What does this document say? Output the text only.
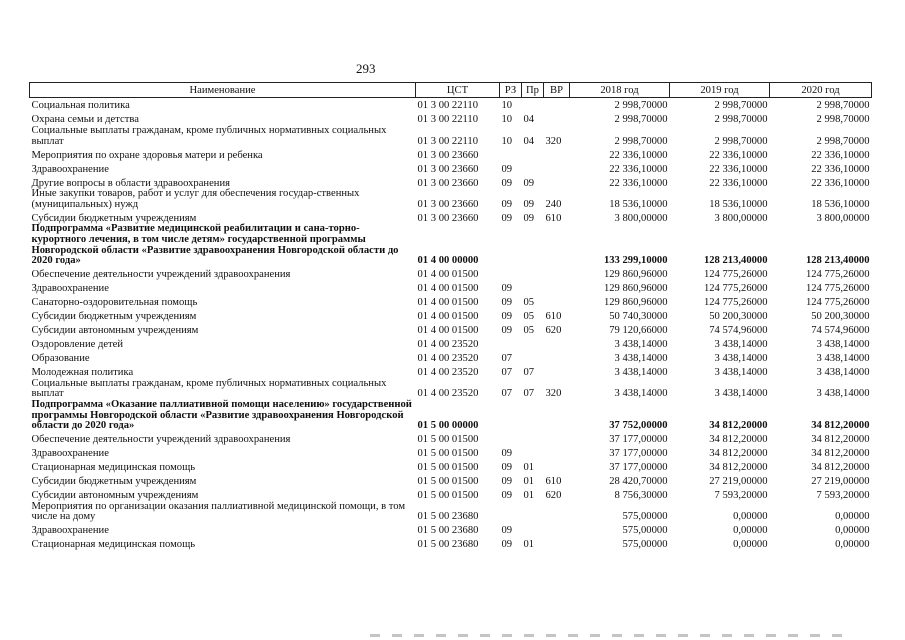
293
Наименование	ЦСТ	РЗ	Пр	ВР	2018 год	2019 год	2020 год
Социальная политика	01 3 00 22110	10			2 998,70000	2 998,70000	2 998,70000
Охрана семьи и детства	01 3 00 22110	10	04		2 998,70000	2 998,70000	2 998,70000
Социальные выплаты гражданам, кроме публичных нормативных социальных выплат	01 3 00 22110	10	04	320	2 998,70000	2 998,70000	2 998,70000
Мероприятия по охране здоровья матери и ребенка	01 3 00 23660				22 336,10000	22 336,10000	22 336,10000
Здравоохранение	01 3 00 23660	09			22 336,10000	22 336,10000	22 336,10000
Другие вопросы в области здравоохранения	01 3 00 23660	09	09		22 336,10000	22 336,10000	22 336,10000
Иные закупки товаров, работ и услуг для обеспечения государ-ственных (муниципальных) нужд	01 3 00 23660	09	09	240	18 536,10000	18 536,10000	18 536,10000
Субсидии бюджетным учреждениям	01 3 00 23660	09	09	610	3 800,00000	3 800,00000	3 800,00000
Подпрограмма «Развитие медицинской реабилитации и сана-торно-курортного лечения, в том числе детям» государственной программы Новгородской области «Развитие здравоохранения Новгородской области до 2020 года»	01 4 00 00000				133 299,10000	128 213,40000	128 213,40000
Обеспечение деятельности учреждений здравоохранения	01 4 00 01500				129 860,96000	124 775,26000	124 775,26000
Здравоохранение	01 4 00 01500	09			129 860,96000	124 775,26000	124 775,26000
Санаторно-оздоровительная помощь	01 4 00 01500	09	05		129 860,96000	124 775,26000	124 775,26000
Субсидии бюджетным учреждениям	01 4 00 01500	09	05	610	50 740,30000	50 200,30000	50 200,30000
Субсидии автономным учреждениям	01 4 00 01500	09	05	620	79 120,66000	74 574,96000	74 574,96000
Оздоровление детей	01 4 00 23520				3 438,14000	3 438,14000	3 438,14000
Образование	01 4 00 23520	07			3 438,14000	3 438,14000	3 438,14000
Молодежная политика	01 4 00 23520	07	07		3 438,14000	3 438,14000	3 438,14000
Социальные выплаты гражданам, кроме публичных нормативных социальных выплат	01 4 00 23520	07	07	320	3 438,14000	3 438,14000	3 438,14000
Подпрограмма «Оказание паллиативной помощи населению» государственной программы Новгородской области «Развитие здравоохранения Новгородской области до 2020 года»	01 5 00 00000				37 752,00000	34 812,20000	34 812,20000
Обеспечение деятельности учреждений здравоохранения	01 5 00 01500				37 177,00000	34 812,20000	34 812,20000
Здравоохранение	01 5 00 01500	09			37 177,00000	34 812,20000	34 812,20000
Стационарная медицинская помощь	01 5 00 01500	09	01		37 177,00000	34 812,20000	34 812,20000
Субсидии бюджетным учреждениям	01 5 00 01500	09	01	610	28 420,70000	27 219,00000	27 219,00000
Субсидии автономным учреждениям	01 5 00 01500	09	01	620	8 756,30000	7 593,20000	7 593,20000
Мероприятия по организации оказания паллиативной медицинской помощи, в том числе на дому	01 5 00 23680				575,00000	0,00000	0,00000
Здравоохранение	01 5 00 23680	09			575,00000	0,00000	0,00000
Стационарная медицинская помощь	01 5 00 23680	09	01		575,00000	0,00000	0,00000
